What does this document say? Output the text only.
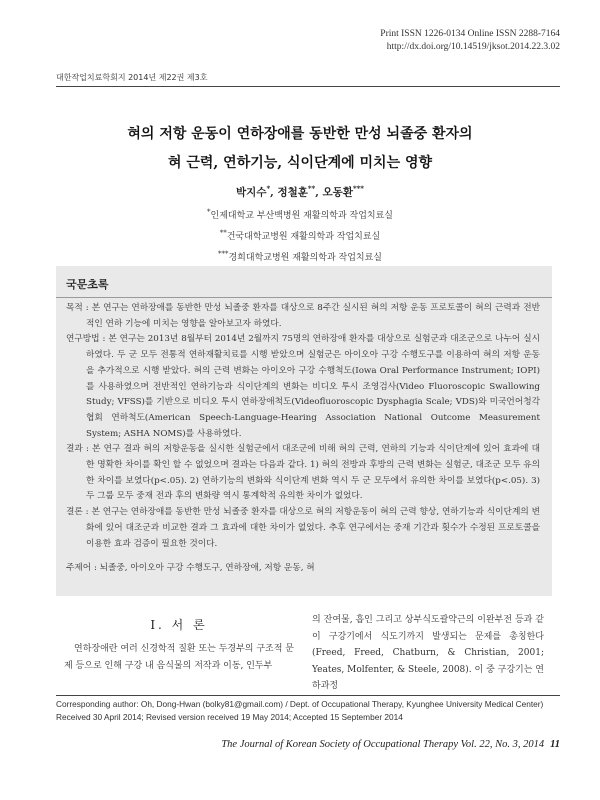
Print ISSN 1226-0134 Online ISSN 2288-7164
http://dx.doi.org/10.14519/jksot.2014.22.3.02
대한작업치료학회지 2014년 제22권 제3호
혀의 저항 운동이 연하장애를 동반한 만성 뇌졸중 환자의
혀 근력, 연하기능, 식이단계에 미치는 영향
박지수*, 정철훈**, 오동환***
*인제대학교 부산백병원 재활의학과 작업치료실
**건국대학교병원 재활의학과 작업치료실
***경희대학교병원 재활의학과 작업치료실
국문초록

목적 : 본 연구는 연하장애를 동반한 만성 뇌졸중 환자를 대상으로 8주간 실시된 혀의 저항 운동 프로토콜이 혀의 근력과 전반적인 연하 기능에 미치는 영향을 알아보고자 하였다.

연구방법 : 본 연구는 2013년 8월부터 2014년 2월까지 75명의 연하장애 환자를 대상으로 실험군과 대조군으로 나누어 실시하였다. 두 군 모두 전통적 연하재활치료를 시행 받았으며 실험군은 아이오아 구강 수행도구를 이용하여 혀의 저항 운동을 추가적으로 시행 받았다. 혀의 근력 변화는 아이오아 구강 수행척도(Iowa Oral Performance Instrument; IOPI)를 사용하였으며 전반적인 연하기능과 식이단계의 변화는 비디오 투시 조영검사(Video Fluoroscopic Swallowing Study; VFSS)를 기반으로 비디오 투시 연하장애척도(Videofluoroscopic Dysphagia Scale; VDS)와 미국언어청각협회 연하척도(American Speech-Language-Hearing Association National Outcome Measurement System; ASHA NOMS)를 사용하였다.

결과 : 본 연구 결과 혀의 저항운동을 실시한 실험군에서 대조군에 비해 혀의 근력, 연하의 기능과 식이단계에 있어 효과에 대한 명확한 차이를 확인 할 수 없었으며 결과는 다음과 같다. 1) 혀의 전방과 후방의 근력 변화는 실험군, 대조군 모두 유의한 차이를 보였다(p<.05). 2) 연하기능의 변화와 식이단계 변화 역시 두 군 모두에서 유의한 차이를 보였다(p<.05). 3) 두 그룹 모두 중재 전과 후의 변화량 역시 통계학적 유의한 차이가 없었다.

결론 : 본 연구는 연하장애를 동반한 만성 뇌졸중 환자를 대상으로 혀의 저항운동이 혀의 근력 향상, 연하기능과 식이단계의 변화에 있어 대조군과 비교한 결과 그 효과에 대한 차이가 없었다. 추후 연구에서는 중재 기간과 횟수가 수정된 프로토콜을 이용한 효과 검증이 필요한 것이다.

주제어 : 뇌졸중, 아이오아 구강 수행도구, 연하장애, 저항 운동, 혀

Ⅰ. 서 론

연하장애란 여러 신경학적 질환 또는 두경부의 구조적 문제 등으로 인해 구강 내 음식물의 저작과 이동, 인두부

의 잔여물, 흡인 그리고 상부식도괄약근의 이완부전 등과 같이 구강기에서 식도기까지 발생되는 문제를 총칭한다(Freed, Freed, Chatburn, & Christian, 2001; Yeates, Molfenter, & Steele, 2008). 이 중 구강기는 연하과정

Corresponding author: Oh, Dong-Hwan (bolky81@gmail.com) / Dept. of Occupational Therapy, Kyunghee University Medical Center)
Received 30 April 2014; Revised version received 19 May 2014; Accepted 15 September 2014
The Journal of Korean Society of Occupational Therapy Vol. 22, No. 3, 2014 11
